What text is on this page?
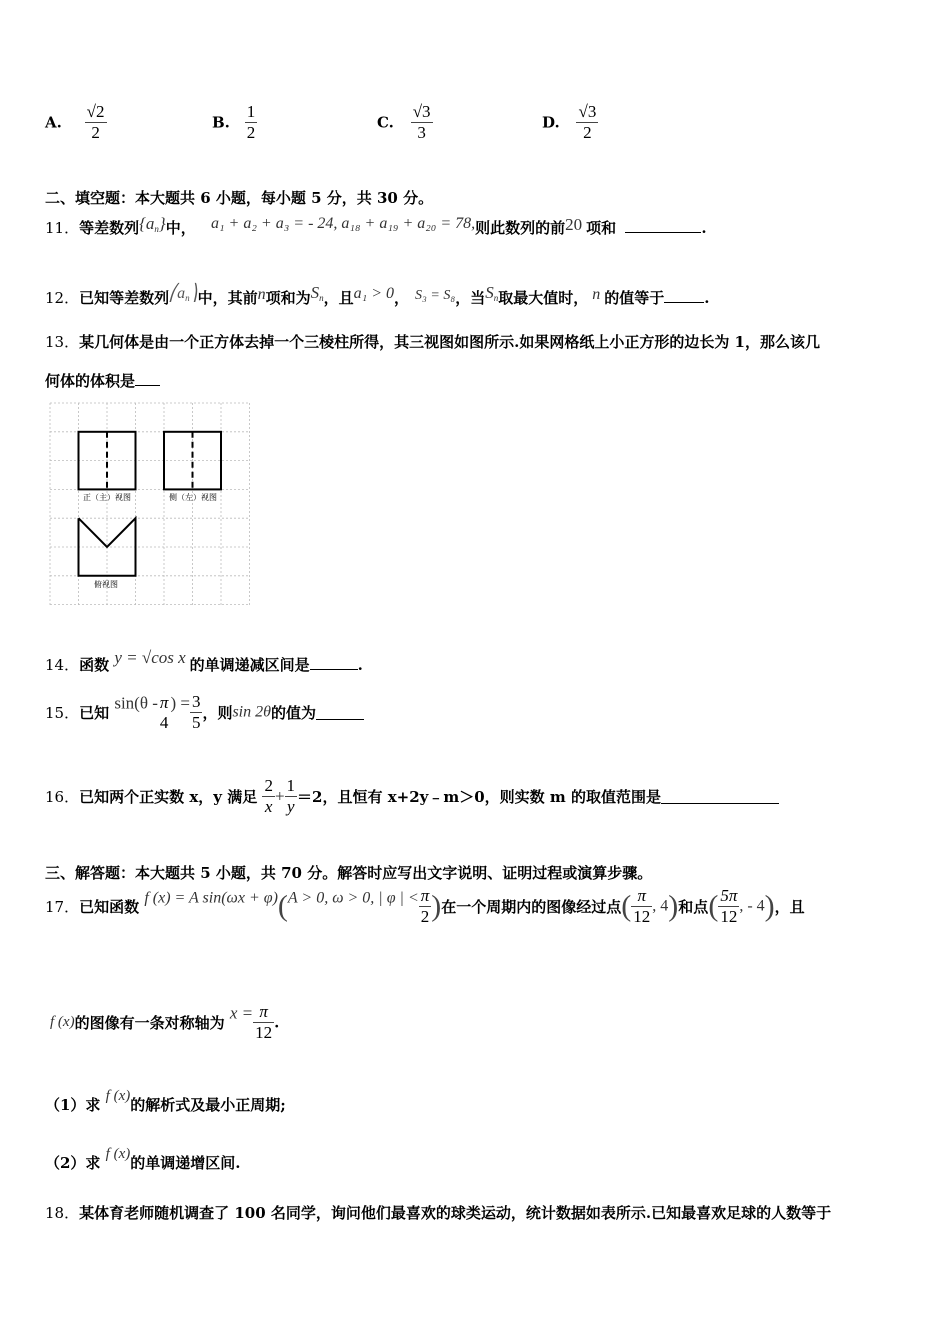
A. $\frac{√2}{2}$	B. $\frac{1}{2}$	C. $\frac{√3}{3}$	D. $\frac{√3}{2}$
二、填空题：本大题共 6 小题，每小题 5 分，共 30 分。
11．等差数列$\{a_n\}$中， a₁ + a₂ + a₃ = - 24, a₁₈ + a₁₉ + a₂₀ = 78,则此数列的前20 项和	.
12．已知等差数列$⎛a_n⎞$中，其前n项和为$S_n$，且a₁ > 0， S₃ = S₈，当$S_n$取最大值时， n 的值等于	.
13．某几何体是由一个正方体去掉一个三棱柱所得，其三视图如图所示.如果网格纸上小正方形的边长为 1，那么该几
何体的体积是
正（主）视图	侧（左）视图
俯视图
14．函数 y = √cos x 的单调递减区间是	.
15．已知 sin(θ - π
4
) = $\frac{3}{5}$ ，则sin 2θ的值为
16．已知两个正实数 x，y 满足 $\frac{2}{x} + \frac{1}{y} =2$，且恒有 x+2y﹣m＞0，则实数 m 的取值范围是
三、解答题：本大题共 5 小题，共 70 分。解答时应写出文字说明、证明过程或演算步骤。
17．已知函数 f (x) = A sin(ωx + φ)(A > 0, ω > 0, | φ | < $\frac{\pi}{2}$ )在一个周期内的图像经过点( $\frac{\pi}{12}$ , 4)和点( $\frac{5\pi}{12}$ , - 4)，且
f (x)的图像有一条对称轴为 $x = \frac{\pi}{12}$ .
（1）求 f (x)的解析式及最小正周期;
（2）求 f (x)的单调递增区间.
18．某体育老师随机调查了 100 名同学，询问他们最喜欢的球类运动，统计数据如表所示.已知最喜欢足球的人数等于
